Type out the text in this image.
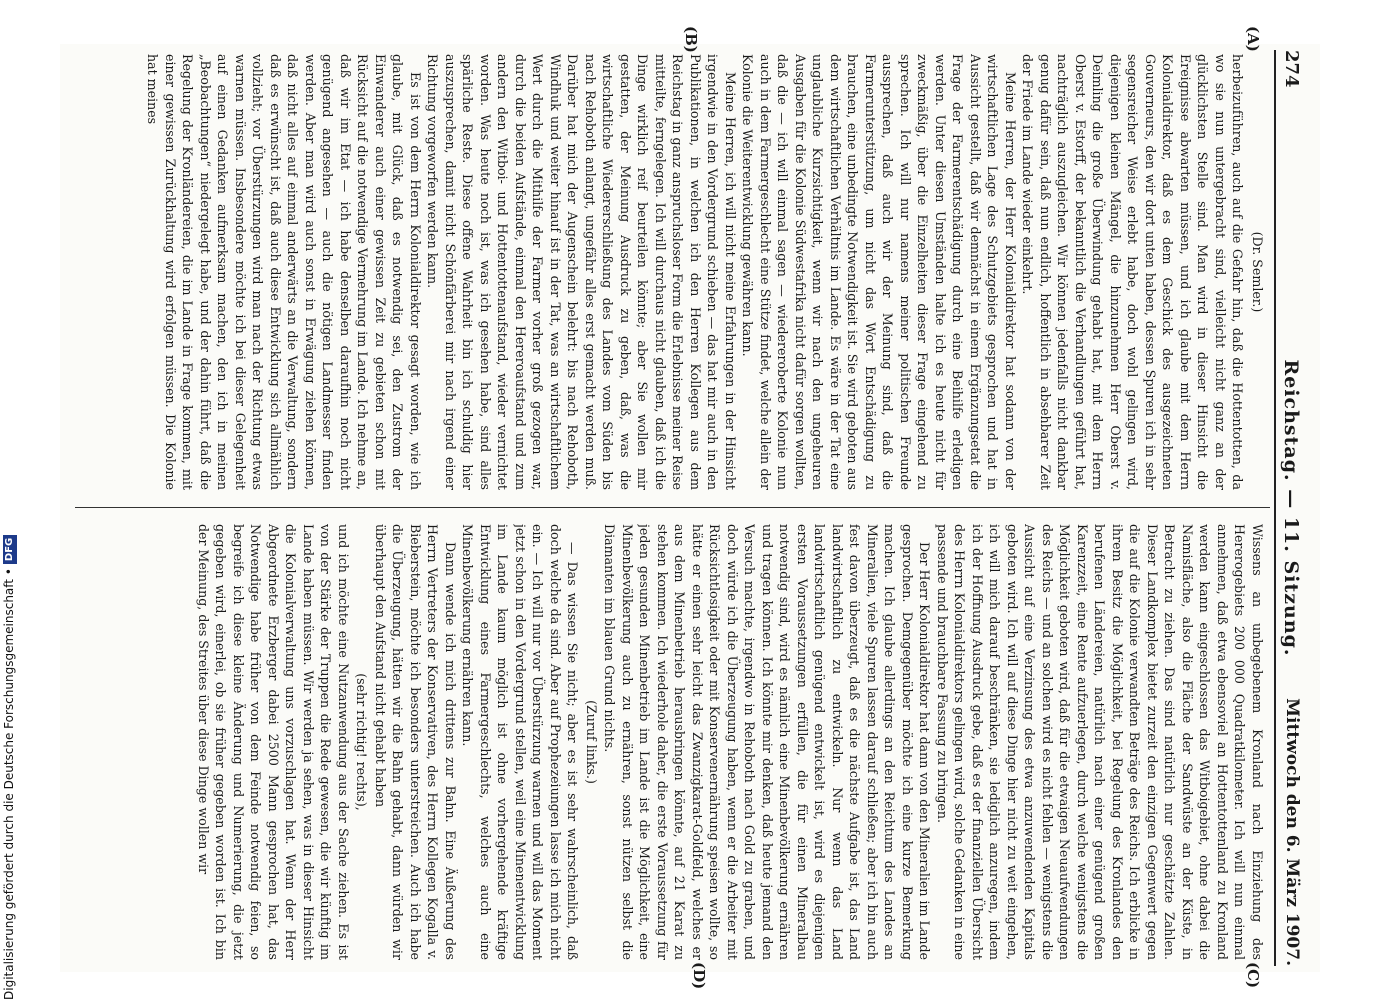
274
Reichstag. — 11. Sitzung.
Mittwoch den 6. März 1907.
(A)
(B)
(C)
(D)
(Dr. Semler.)

herbeizuführen, auch auf die Gefahr hin, daß die Hottentotten, da wo sie nun untergebracht sind, vielleicht nicht ganz an der glücklichsten Stelle sind. Man wird in dieser Hinsicht die Ereignisse abwarten müssen, und ich glaube mit dem Herrn Kolonialdirektor, daß es dem Geschick des ausgezeichneten Gouverneurs, den wir dort unten haben, dessen Spuren ich in sehr segensreicher Weise erlebt habe, doch wohl gelingen wird, diejenigen kleinen Mängel, die hinzunehmen Herr Oberst v. Deimling die große Überwindung gehabt hat, mit dem Herrn Oberst v. Estorff, der bekanntlich die Verhandlungen geführt hat, nachträglich auszugleichen. Wir können jedenfalls nicht dankbar genug dafür sein, daß nun endlich, hoffentlich in absehbarer Zeit der Friede im Lande wieder einkehrt.

Meine Herren, der Herr Kolonialdirektor hat sodann von der wirtschaftlichen Lage des Schutzgebiets gesprochen und hat in Aussicht gestellt, daß wir demnächst in einem Ergänzungsetat die Frage der Farmerentschädigung durch eine Beihilfe erledigen werden. Unter diesen Umständen halte ich es heute nicht für zweckmäßig, über die Einzelheiten dieser Frage eingehend zu sprechen. Ich will nur namens meiner politischen Freunde aussprechen, daß auch wir der Meinung sind, daß die Farmerunterstützung, um nicht das Wort Entschädigung zu brauchen, eine unbedingte Notwendigkeit ist. Sie wird geboten aus dem wirtschaftlichen Verhältnis im Lande. Es wäre in der Tat eine unglaubliche Kurzsichtigkeit, wenn wir nach den ungeheuren Ausgaben für die Kolonie Südwestafrika nicht dafür sorgen wollten, daß die — ich will einmal sagen — wiedereroberte Kolonie nun auch in dem Farmergeschlecht eine Stütze findet, welche allein der Kolonie die Weiterentwicklung gewähren kann.

Meine Herren, ich will nicht meine Erfahrungen in der Hinsicht irgendwie in den Vordergrund schieben — das hat mir auch in den Publikationen, in welchen ich den Herren Kollegen aus dem Reichstag in ganz anspruchsloser Form die Erlebnisse meiner Reise mitteilte, ferngelegen. Ich will durchaus nicht glauben, daß ich die Dinge wirklich reif beurteilen könnte; aber Sie wollen mir gestatten, der Meinung Ausdruck zu geben, daß, was die wirtschaftliche Wiedererschließung des Landes vom Süden bis nach Rehoboth anlangt, ungefähr alles erst gemacht werden muß. Darüber hat mich der Augenschein belehrt: bis nach Rehoboth, Windhuk und weiter hinauf ist in der Tat, was an wirtschaftlichem Wert durch die Mithilfe der Farmer vorher groß gezogen war, durch die beiden Aufstände, einmal den Hereroaufstand und zum andern den Witboi- und Hottentottenaufstand, wieder vernichtet worden. Was heute noch ist, was ich gesehen habe, sind alles spärliche Reste. Diese offene Wahrheit bin ich schuldig hier auszusprechen, damit nicht Schönfärberei mir nach irgend einer Richtung vorgeworfen werden kann.

Es ist von dem Herrn Kolonialdirektor gesagt worden, wie ich glaube, mit Glück, daß es notwendig sei, den Zustrom der Einwanderer auch einer gewissen Zeit zu gebieten schon mit Rücksicht auf die notwendige Vermehrung im Lande. Ich nehme an, daß wir im Etat — ich habe denselben daraufhin noch nicht genügend angesehen — auch die nötigen Landmesser finden werden. Aber man wird auch sonst in Erwägung ziehen können, daß nicht alles auf einmal anderwärts an die Verwaltung, sondern daß es erwünscht ist, daß auch diese Entwicklung sich allmählich vollzieht; vor Überstürzungen wird man nach der Richtung etwas warnen müssen. Insbesondere möchte ich bei dieser Gelegenheit auf einen Gedanken aufmerksam machen, den ich in meinen „Beobachtungen“ niedergelegt habe, und der dahin führt, daß die Regelung der Kronländereien, die im Lande in Frage kommen, mit einer gewissen Zurückhaltung wird erfolgen müssen. Die Kolonie hat meines

Wissens an unbegebenem Kronland nach Einziehung des Hererogebiets 200 000 Quadratkilometer. Ich will nun einmal annehmen, daß etwa ebensoviel an Hottentottenland zu Kronland werden kann eingeschlossen das Witboigebiet, ohne dabei die Namisfläche, also die Fläche der Sandwüste an der Küste, in Betracht zu ziehen. Das sind natürlich nur geschätzte Zahlen. Dieser Landkomplex bietet zurzeit den einzigen Gegenwert gegen die auf die Kolonie verwandten Beträge des Reichs. Ich erblicke in ihrem Besitz die Möglichkeit, bei Regelung des Kronlandes den berufenen Ländereien, natürlich nach einer genügend großen Karenzzeit, eine Rente aufzuerlegen, durch welche wenigstens die Möglichkeit geboten wird, daß für die etwaigen Neuaufwendungen des Reichs — und an solchen wird es nicht fehlen — wenigstens die Aussicht auf eine Verzinsung des etwa anzuwendenden Kapitals geboten wird. Ich will auf diese Dinge hier nicht zu weit eingehen, ich will mich darauf beschränken, sie lediglich anzuregen, indem ich der Hoffnung Ausdruck gebe, daß es der finanziellen Übersicht des Herrn Kolonialdirektors gelingen wird, solche Gedanken in eine passende und brauchbare Fassung zu bringen.

Der Herr Kolonialdirektor hat dann von den Mineralien im Lande gesprochen. Demgegenüber möchte ich eine kurze Bemerkung machen. Ich glaube allerdings an den Reichtum des Landes an Mineralien, viele Spuren lassen darauf schließen; aber ich bin auch fest davon überzeugt, daß es die nächste Aufgabe ist, das Land landwirtschaftlich zu entwickeln. Nur wenn das Land landwirtschaftlich genügend entwickelt ist, wird es diejenigen ersten Voraussetzungen erfüllen, die für einen Mineralbau notwendig sind, wird es nämlich eine Minenbevölkerung ernähren und tragen können. Ich könnte mir denken, daß heute jemand den Versuch machte, irgendwo in Rehoboth nach Gold zu graben, und doch würde ich die Überzeugung haben, wenn er die Arbeiter mit Rücksichtlosigkeit oder mit Konservenernährung speisen wollte, so hätte er einen sehr leicht das Zwanzigkarat-Goldfeld, welches er aus dem Minenbetrieb herausbringen könnte, auf 21 Karat zu stehen kommen. Ich wiederhole daher, die erste Voraussetzung für jeden gesunden Minenbetrieb im Lande ist die Möglichkeit, eine Minenbevölkerung auch zu ernähren, sonst nützen selbst die Diamanten im blauen Grund nichts.

(Zuruf links.)

— Das wissen Sie nicht; aber es ist sehr wahrscheinlich, daß doch welche da sind. Aber auf Prophezeiungen lasse ich mich nicht ein. — Ich will nur vor Überstürzung warnen und will das Moment jetzt schon in den Vordergrund stellen, weil eine Minenentwicklung im Lande kaum möglich ist ohne vorhergehende kräftige Entwicklung eines Farmergeschlechts, welches auch eine Minenbevölkerung ernähren kann.

Dann wende ich mich drittens zur Bahn. Eine Äußerung des Herrn Vertreters der Konservativen, des Herrn Kollegen Kogalla v. Bieberstein, möchte ich besonders unterstreichen. Auch ich habe die Überzeugung, hätten wir die Bahn gehabt, dann würden wir überhaupt den Aufstand nicht gehabt haben

(sehr richtig! rechts),

und ich möchte eine Nutzanwendung aus der Sache ziehen. Es ist von der Stärke der Truppen die Rede gewesen, die wir künftig im Lande haben müssen. Wir werden ja sehen, was in dieser Hinsicht die Kolonialverwaltung uns vorzuschlagen hat. Wenn der Herr Abgeordnete Erzberger dabei 2500 Mann gesprochen hat, das Notwendige habe früher von dem Feinde notwendig feien, so begreife ich diese kleine Änderung und Numerierung, die jetzt gegeben wird, einerlei, ob sie früher gegeben worden ist. Ich bin der Meinung, des Streites über diese Dinge wollen wir

Digitalisierung gefördert durch die Deutsche Forschungsgemeinschaft •DFG
